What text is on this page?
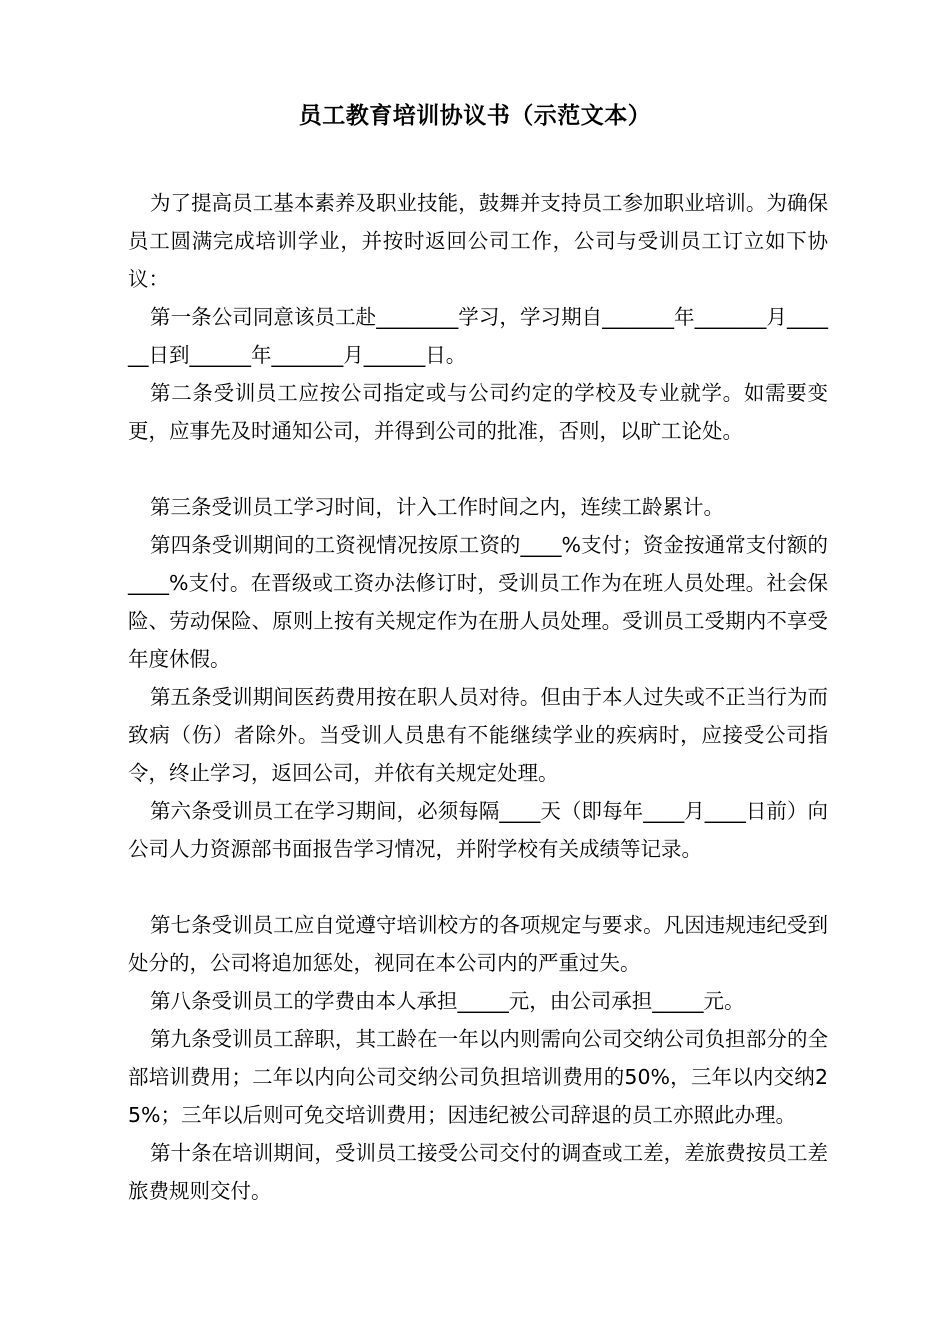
员工教育培训协议书（示范文本）

为了提高员工基本素养及职业技能，鼓舞并支持员工参加职业培训。为确保员工圆满完成培训学业，并按时返回公司工作，公司与受训员工订立如下协议：

第一条公司同意该员工赴________学习，学习期自_______年_______月______日到______年_______月______日。

第二条受训员工应按公司指定或与公司约定的学校及专业就学。如需要变更，应事先及时通知公司，并得到公司的批准，否则，以旷工论处。

第三条受训员工学习时间，计入工作时间之内，连续工龄累计。

第四条受训期间的工资视情况按原工资的____%支付；资金按通常支付额的____%支付。在晋级或工资办法修订时，受训员工作为在班人员处理。社会保险、劳动保险、原则上按有关规定作为在册人员处理。受训员工受期内不享受年度休假。

第五条受训期间医药费用按在职人员对待。但由于本人过失或不正当行为而致病（伤）者除外。当受训人员患有不能继续学业的疾病时，应接受公司指令，终止学习，返回公司，并依有关规定处理。

第六条受训员工在学习期间，必须每隔____天（即每年____月____日前）向公司人力资源部书面报告学习情况，并附学校有关成绩等记录。

第七条受训员工应自觉遵守培训校方的各项规定与要求。凡因违规违纪受到处分的，公司将追加惩处，视同在本公司内的严重过失。

第八条受训员工的学费由本人承担_____元，由公司承担_____元。

第九条受训员工辞职，其工龄在一年以内则需向公司交纳公司负担部分的全部培训费用；二年以内向公司交纳公司负担培训费用的50%，三年以内交纳25%；三年以后则可免交培训费用；因违纪被公司辞退的员工亦照此办理。

第十条在培训期间，受训员工接受公司交付的调查或工差，差旅费按员工差旅费规则交付。
